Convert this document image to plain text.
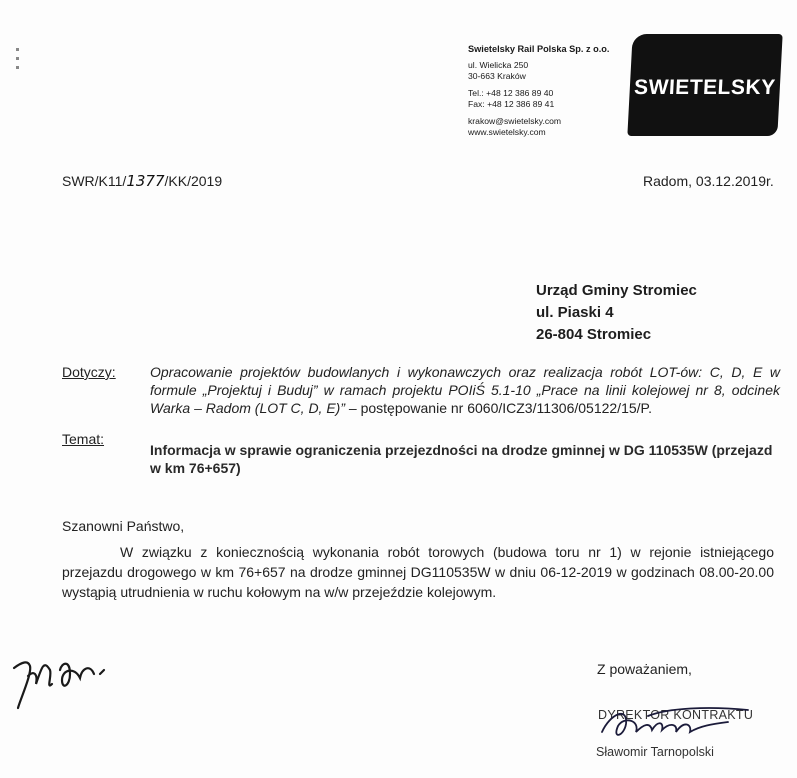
Swietelsky Rail Polska Sp. z o.o.
ul. Wielicka 250
30-663 Kraków
Tel.: +48 12 386 89 40
Fax: +48 12 386 89 41
krakow@swietelsky.com
www.swietelsky.com
SWIETELSKY
SWR/K11/1377/KK/2019	Radom, 03.12.2019r.
Urząd Gminy Stromiec
ul. Piaski 4
26-804 Stromiec
Dotyczy: Opracowanie projektów budowlanych i wykonawczych oraz realizacja robót LOT-ów: C, D, E w formule „Projektuj i Buduj” w ramach projektu POIiŚ 5.1-10 „Prace na linii kolejowej nr 8, odcinek Warka – Radom (LOT C, D, E)” – postępowanie nr 6060/ICZ3/11306/05122/15/P.
Temat:
Informacja w sprawie ograniczenia przejezdności na drodze gminnej w DG 110535W (przejazd w km 76+657)
Szanowni Państwo,
W związku z koniecznością wykonania robót torowych (budowa toru nr 1) w rejonie istniejącego przejazdu drogowego w km 76+657 na drodze gminnej DG110535W w dniu 06-12-2019 w godzinach 08.00-20.00 wystąpią utrudnienia w ruchu kołowym na w/w przejeździe kolejowym.
Z poważaniem,
DYREKTOR KONTRAKTU
Sławomir Tarnopolski
